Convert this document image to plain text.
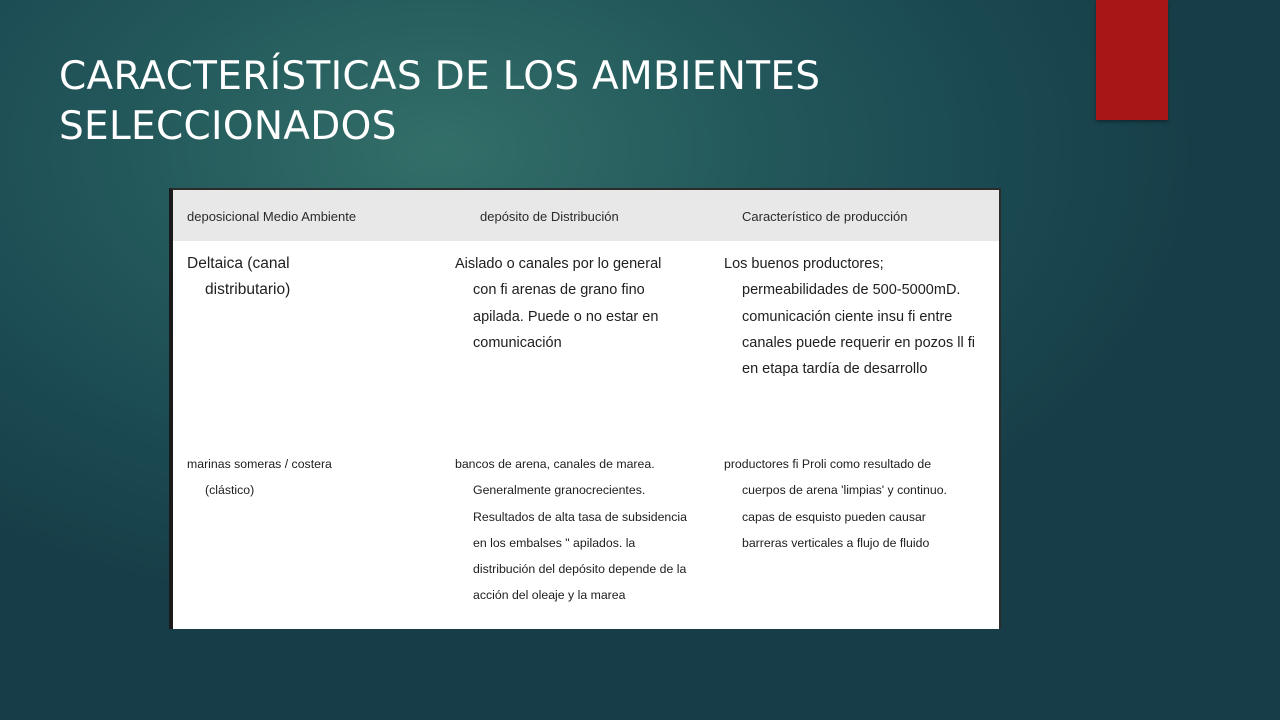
CARACTERÍSTICAS DE LOS AMBIENTES
SELECCIONADOS
deposicional Medio Ambiente	depósito de Distribución	Característico de producción
Deltaica (canal
distributario)
Aislado o canales por lo general
con fi arenas de grano fino
apilada. Puede o no estar en
comunicación
Los buenos productores;
permeabilidades de 500-5000mD.
comunicación ciente insu fi entre
canales puede requerir en pozos ll fi
en etapa tardía de desarrollo
marinas someras / costera
(clástico)
bancos de arena, canales de marea.
Generalmente granocrecientes.
Resultados de alta tasa de subsidencia
en los embalses " apilados. la
distribución del depósito depende de la
acción del oleaje y la marea
productores fi Proli como resultado de
cuerpos de arena 'limpias' y continuo.
capas de esquisto pueden causar
barreras verticales a flujo de fluido
